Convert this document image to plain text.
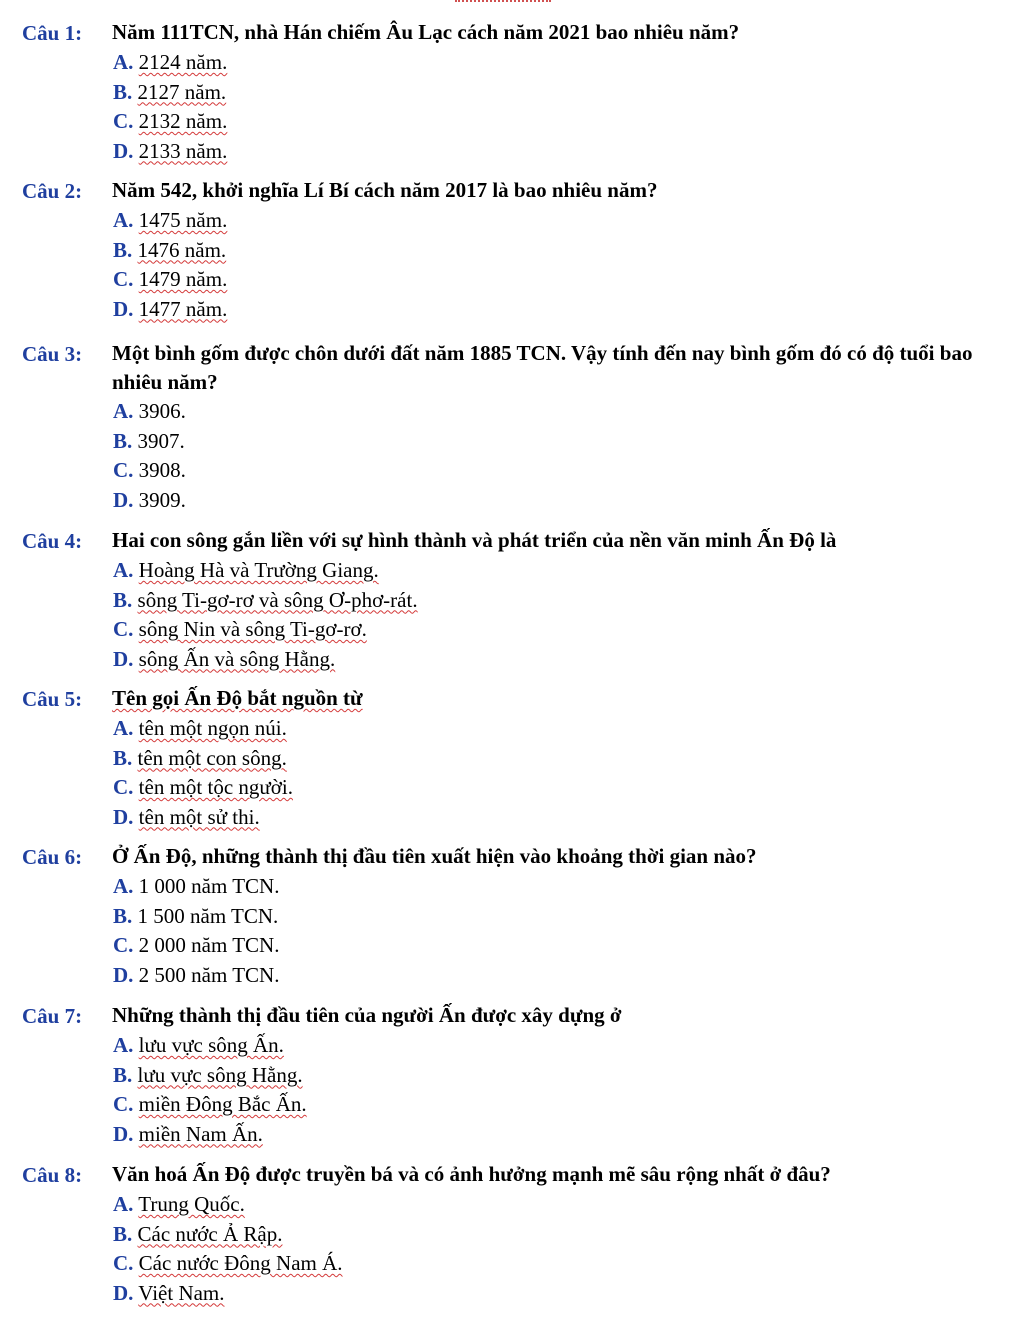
Câu 1: Năm 111TCN, nhà Hán chiếm Âu Lạc cách năm 2021 bao nhiêu năm?
A. 2124 năm.
B. 2127 năm.
C. 2132 năm.
D. 2133 năm.
Câu 2: Năm 542, khởi nghĩa Lí Bí cách năm 2017 là bao nhiêu năm?
A. 1475 năm.
B. 1476 năm.
C. 1479 năm.
D. 1477 năm.
Câu 3: Một bình gốm được chôn dưới đất năm 1885 TCN. Vậy tính đến nay bình gốm đó có độ tuổi bao nhiêu năm?
A. 3906.
B. 3907.
C. 3908.
D. 3909.
Câu 4: Hai con sông gắn liền với sự hình thành và phát triển của nền văn minh Ấn Độ là
A. Hoàng Hà và Trường Giang.
B. sông Ti-gơ-rơ và sông Ơ-phơ-rát.
C. sông Nin và sông Ti-gơ-rơ.
D. sông Ấn và sông Hằng.
Câu 5: Tên gọi Ấn Độ bắt nguồn từ
A. tên một ngọn núi.
B. tên một con sông.
C. tên một tộc người.
D. tên một sử thi.
Câu 6: Ở Ấn Độ, những thành thị đầu tiên xuất hiện vào khoảng thời gian nào?
A. 1 000 năm TCN.
B. 1 500 năm TCN.
C. 2 000 năm TCN.
D. 2 500 năm TCN.
Câu 7: Những thành thị đầu tiên của người Ấn được xây dựng ở
A. lưu vực sông Ấn.
B. lưu vực sông Hằng.
C. miền Đông Bắc Ấn.
D. miền Nam Ấn.
Câu 8: Văn hoá Ấn Độ được truyền bá và có ảnh hưởng mạnh mẽ sâu rộng nhất ở đâu?
A. Trung Quốc.
B. Các nước Ả Rập.
C. Các nước Đông Nam Á.
D. Việt Nam.
